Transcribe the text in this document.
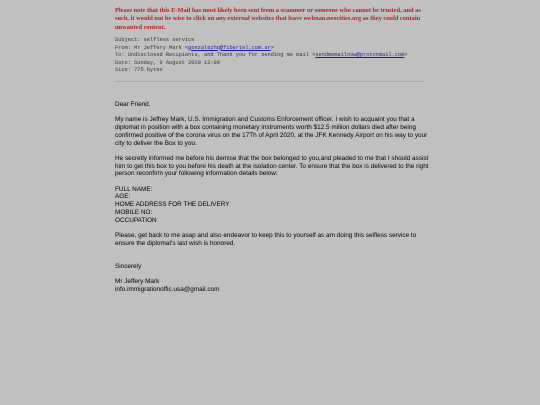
Please note that this E-Mail has most likely been sent from a scammer or someone who cannot be trusted, and as such, it would not be wise to click on any external websites that leave owlman.neocities.org as they could contain unwanted content.

Subject: selfless service
From: Mr Jeffery Mark <gonzalezhq@fibertel.com.ar>
To: Undisclosed Recipients, and Thank you for sending me mail <sendmemailnow@protonmail.com>
Date: Sunday, 9 August 2020 12:00
Size: 775 bytes

Dear Friend,

My name is Jeffrey Mark, U.S. Immigration and Customs Enforcement officer. I wish to acquaint you that a diplomat in position with a box containing monetary instruments worth $12.5 million dollars died after being confirmed positive of the corona virus on the 17Th of April 2020, at the JFK Kennedy Airport on his way to your city to deliver the Box to you.

He secretly informed me before his demise that the box belonged to you,and pleaded to me that I should assist him to get this box to you before his death at the isolation center. To ensure that the box is delivered to the right person reconfirm your following information details below:

FULL NAME:

AGE:

HOME ADDRESS FOR THE DELIVERY

MOBILE NO:

OCCUPATION

Please, get back to me asap and also endeavor to keep this to yourself as am doing this selfless service to ensure the diplomat's last wish is honored.

Sincerely

Mr Jeffery Mark

info.immigrationoffic.usa@gmail.com
